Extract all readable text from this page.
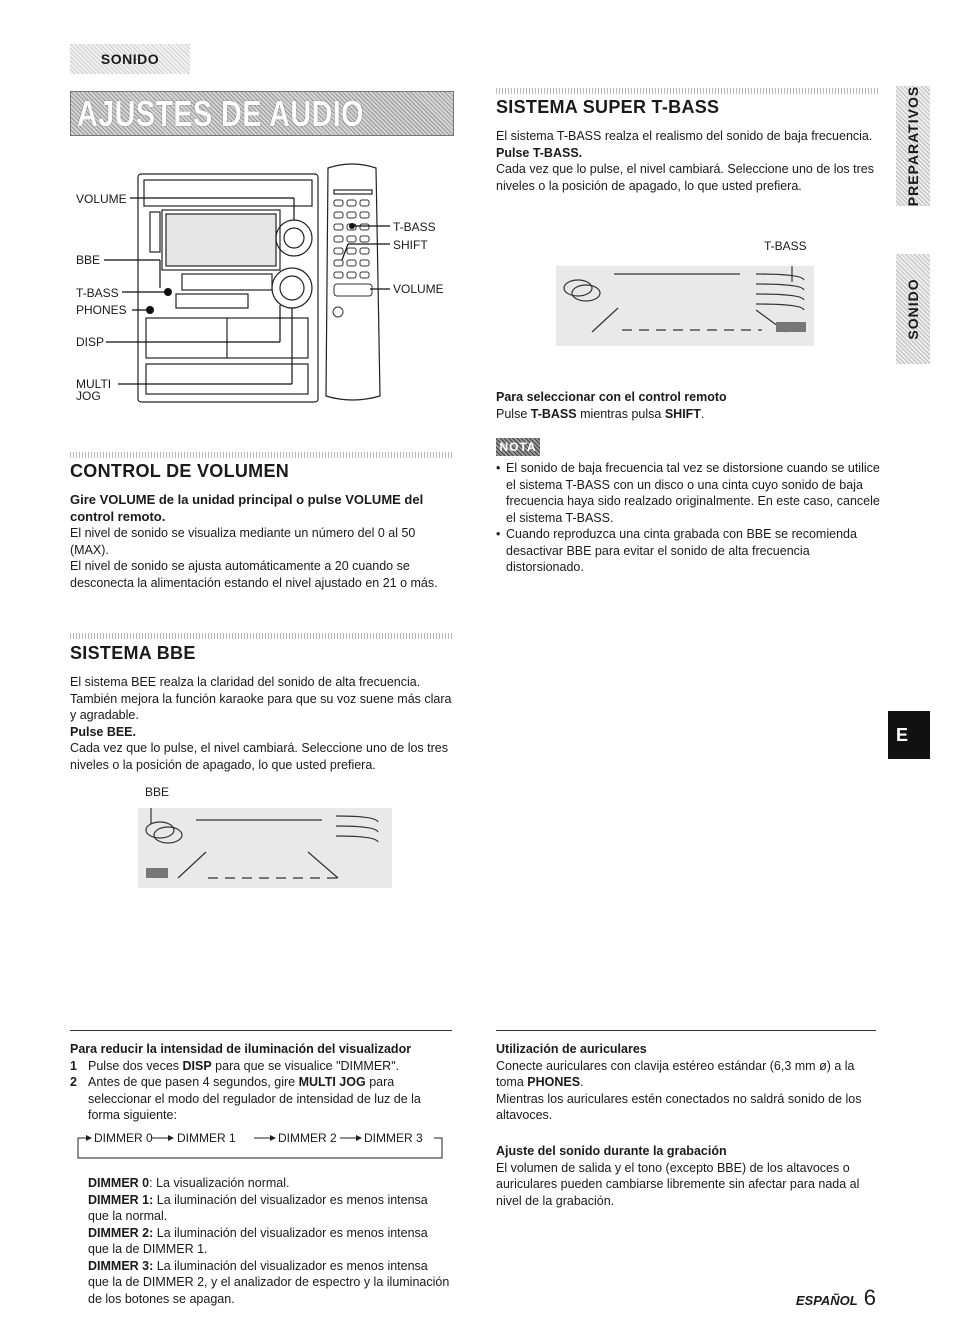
SONIDO
AJUSTES DE AUDIO	PREPARATIVOS
SONIDO
E
VOLUME
BBE
T-BASS
PHONES
DISP
MULTI
JOG
T-BASS
SHIFT
VOLUME
CONTROL DE VOLUMEN

Gire VOLUME de la unidad principal o pulse VOLUME del control remoto.

El nivel de sonido se visualiza mediante un número del 0 al 50 (MAX).

El nivel de sonido se ajusta automáticamente a 20 cuando se desconecta la alimentación estando el nivel ajustado en 21 o más.

SISTEMA BBE

El sistema BEE realza la claridad del sonido de alta frecuencia. También mejora la función karaoke para que su voz suene más clara y agradable.

Pulse BEE.

Cada vez que lo pulse, el nivel cambiará. Seleccione uno de los tres niveles o la posición de apagado, lo que usted prefiera.

BBE
SISTEMA SUPER T-BASS

El sistema T-BASS realza el realismo del sonido de baja frecuencia.

Pulse T-BASS.

Cada vez que lo pulse, el nivel cambiará. Seleccione uno de los tres niveles o la posición de apagado, lo que usted prefiera.

T-BASS

Para seleccionar con el control remoto

Pulse T-BASS mientras pulsa SHIFT.

NOTA
• El sonido de baja frecuencia tal vez se distorsione cuando se utilice el sistema T-BASS con un disco o una cinta cuyo sonido de baja frecuencia haya sido realzado originalmente. En este caso, cancele el sistema T-BASS.
• Cuando reproduzca una cinta grabada con BBE se recomienda desactivar BBE para evitar el sonido de alta frecuencia distorsionado.

Para reducir la intensidad de iluminación del visualizador

1 Pulse dos veces DISP para que se visualice "DIMMER".
2 Antes de que pasen 4 segundos, gire MULTI JOG para seleccionar el modo del regulador de intensidad de luz de la forma siguiente:
DIMMER 0 DIMMER 1	DIMMER 2 DIMMER 3

DIMMER 0: La visualización normal.

DIMMER 1: La iluminación del visualizador es menos intensa que la normal.

DIMMER 2: La iluminación del visualizador es menos intensa que la de DIMMER 1.

DIMMER 3: La iluminación del visualizador es menos intensa que la de DIMMER 2, y el analizador de espectro y la iluminación de los botones se apagan.

Utilización de auriculares

Conecte auriculares con clavija estéreo estándar (6,3 mm ø) a la toma PHONES.

Mientras los auriculares estén conectados no saldrá sonido de los altavoces.

Ajuste del sonido durante la grabación

El volumen de salida y el tono (excepto BBE) de los altavoces o auriculares pueden cambiarse libremente sin afectar para nada al nivel de la grabación.

ESPAÑOL 6
